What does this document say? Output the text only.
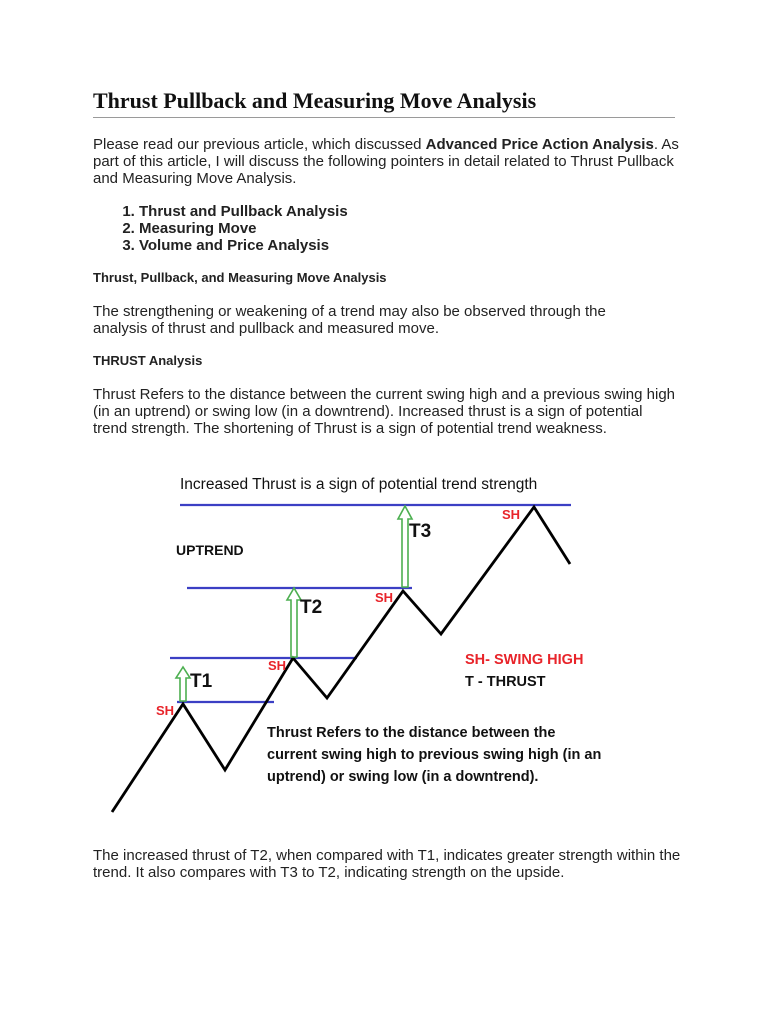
Thrust Pullback and Measuring Move Analysis

Please read our previous article, which discussed Advanced Price Action Analysis. As part of this article, I will discuss the following pointers in detail related to Thrust Pullback and Measuring Move Analysis.

1. Thrust and Pullback Analysis
2. Measuring Move
3. Volume and Price Analysis
Thrust, Pullback, and Measuring Move Analysis

The strengthening or weakening of a trend may also be observed through the analysis of thrust and pullback and measured move.

THRUST Analysis

Thrust Refers to the distance between the current swing high and a previous swing high (in an uptrend) or swing low (in a downtrend). Increased thrust is a sign of potential trend strength. The shortening of Thrust is a sign of potential trend weakness.

The increased thrust of T2, when compared with T1, indicates greater strength within the trend. It also compares with T3 to T2, indicating strength on the upside.

Increased Thrust is a sign of potential trend strength
UPTREND
T1
T2
T3
SH
SH
SH
SH
SH- SWING HIGH
T - THRUST
Thrust Refers to the distance between the
current swing high to previous swing high (in an
uptrend) or swing low (in a downtrend).
